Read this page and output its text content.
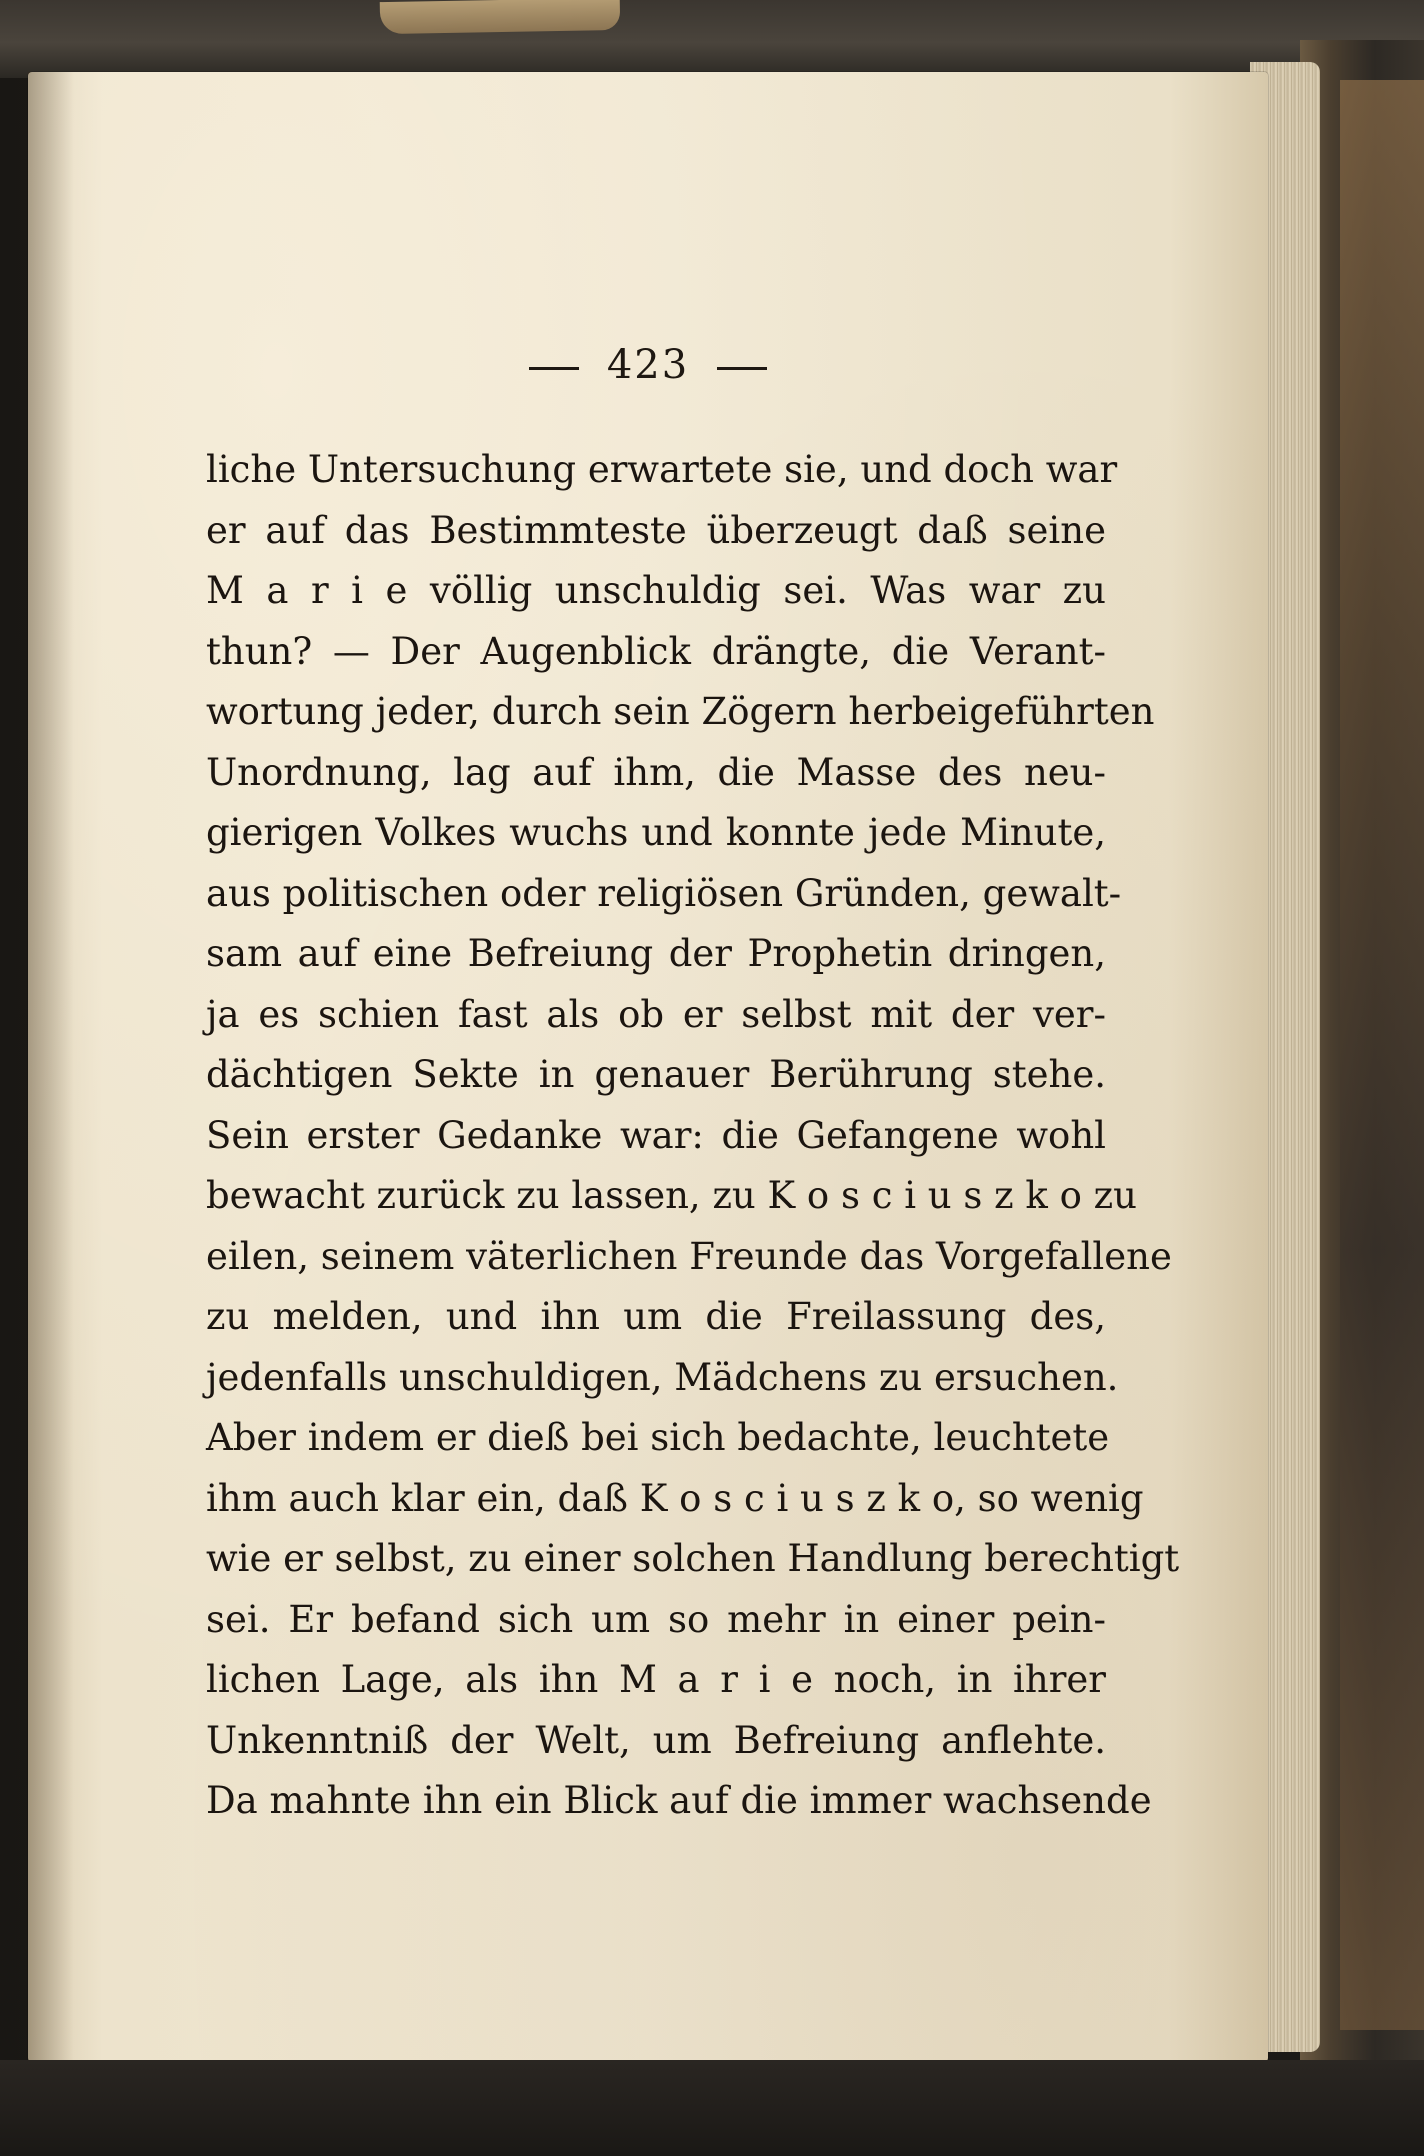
423
liche Untersuchung erwartete sie, und doch war
er auf das Bestimmteste überzeugt daß seine
M a r i e völlig unschuldig sei. Was war zu
thun? — Der Augenblick drängte, die Verant-
wortung jeder, durch sein Zögern herbeigeführten
Unordnung, lag auf ihm, die Masse des neu-
gierigen Volkes wuchs und konnte jede Minute,
aus politischen oder religiösen Gründen, gewalt-
sam auf eine Befreiung der Prophetin dringen,
ja es schien fast als ob er selbst mit der ver-
dächtigen Sekte in genauer Berührung stehe.
Sein erster Gedanke war: die Gefangene wohl
bewacht zurück zu lassen, zu K o s c i u s z k o zu
eilen, seinem väterlichen Freunde das Vorgefallene
zu melden, und ihn um die Freilassung des,
jedenfalls unschuldigen, Mädchens zu ersuchen.
Aber indem er dieß bei sich bedachte, leuchtete
ihm auch klar ein, daß K o s c i u s z k o, so wenig
wie er selbst, zu einer solchen Handlung berechtigt
sei. Er befand sich um so mehr in einer pein-
lichen Lage, als ihn M a r i e noch, in ihrer
Unkenntniß der Welt, um Befreiung anflehte.
Da mahnte ihn ein Blick auf die immer wachsende
